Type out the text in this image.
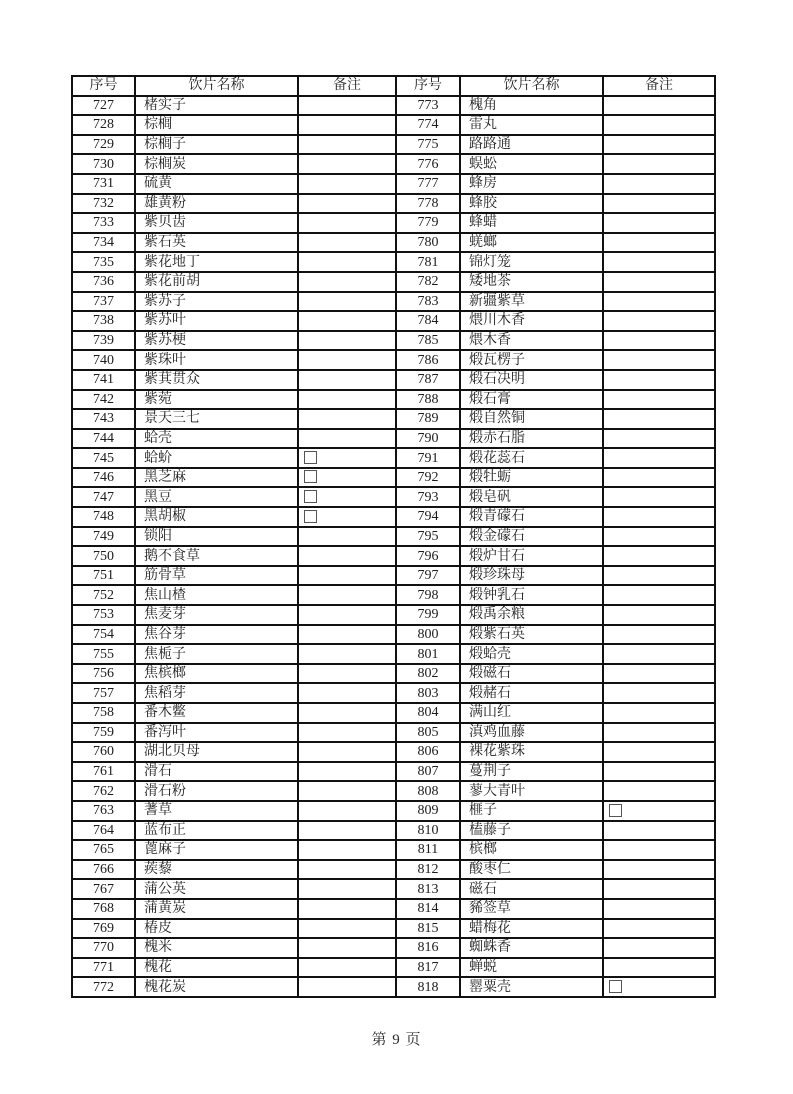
序号	饮片名称	备注	序号	饮片名称	备注
727	楮实子		773	槐角	
728	棕榈		774	雷丸	
729	棕榈子		775	路路通	
730	棕榈炭		776	蜈蚣	
731	硫黄		777	蜂房	
732	雄黄粉		778	蜂胶	
733	紫贝齿		779	蜂蜡	
734	紫石英		780	蜣螂	
735	紫花地丁		781	锦灯笼	
736	紫花前胡		782	矮地茶	
737	紫苏子		783	新疆紫草	
738	紫苏叶		784	煨川木香	
739	紫苏梗		785	煨木香	
740	紫珠叶		786	煅瓦楞子	
741	紫萁贯众		787	煅石决明	
742	紫菀		788	煅石膏	
743	景天三七		789	煅自然铜	
744	蛤壳		790	煅赤石脂	
745	蛤蚧		791	煅花蕊石	
746	黑芝麻		792	煅牡蛎	
747	黑豆		793	煅皂矾	
748	黑胡椒		794	煅青礞石	
749	锁阳		795	煅金礞石	
750	鹅不食草		796	煅炉甘石	
751	筋骨草		797	煅珍珠母	
752	焦山楂		798	煅钟乳石	
753	焦麦芽		799	煅禹余粮	
754	焦谷芽		800	煅紫石英	
755	焦栀子		801	煅蛤壳	
756	焦槟榔		802	煅磁石	
757	焦稻芽		803	煅赭石	
758	番木鳖		804	满山红	
759	番泻叶		805	滇鸡血藤	
760	湖北贝母		806	裸花紫珠	
761	滑石		807	蔓荆子	
762	滑石粉		808	蓼大青叶	
763	蓍草		809	榧子	
764	蓝布正		810	榼藤子	
765	蓖麻子		811	槟榔	
766	蒺藜		812	酸枣仁	
767	蒲公英		813	磁石	
768	蒲黄炭		814	豨签草	
769	椿皮		815	蜡梅花	
770	槐米		816	蜘蛛香	
771	槐花		817	蝉蜕	
772	槐花炭		818	罂粟壳	
第 9 页
